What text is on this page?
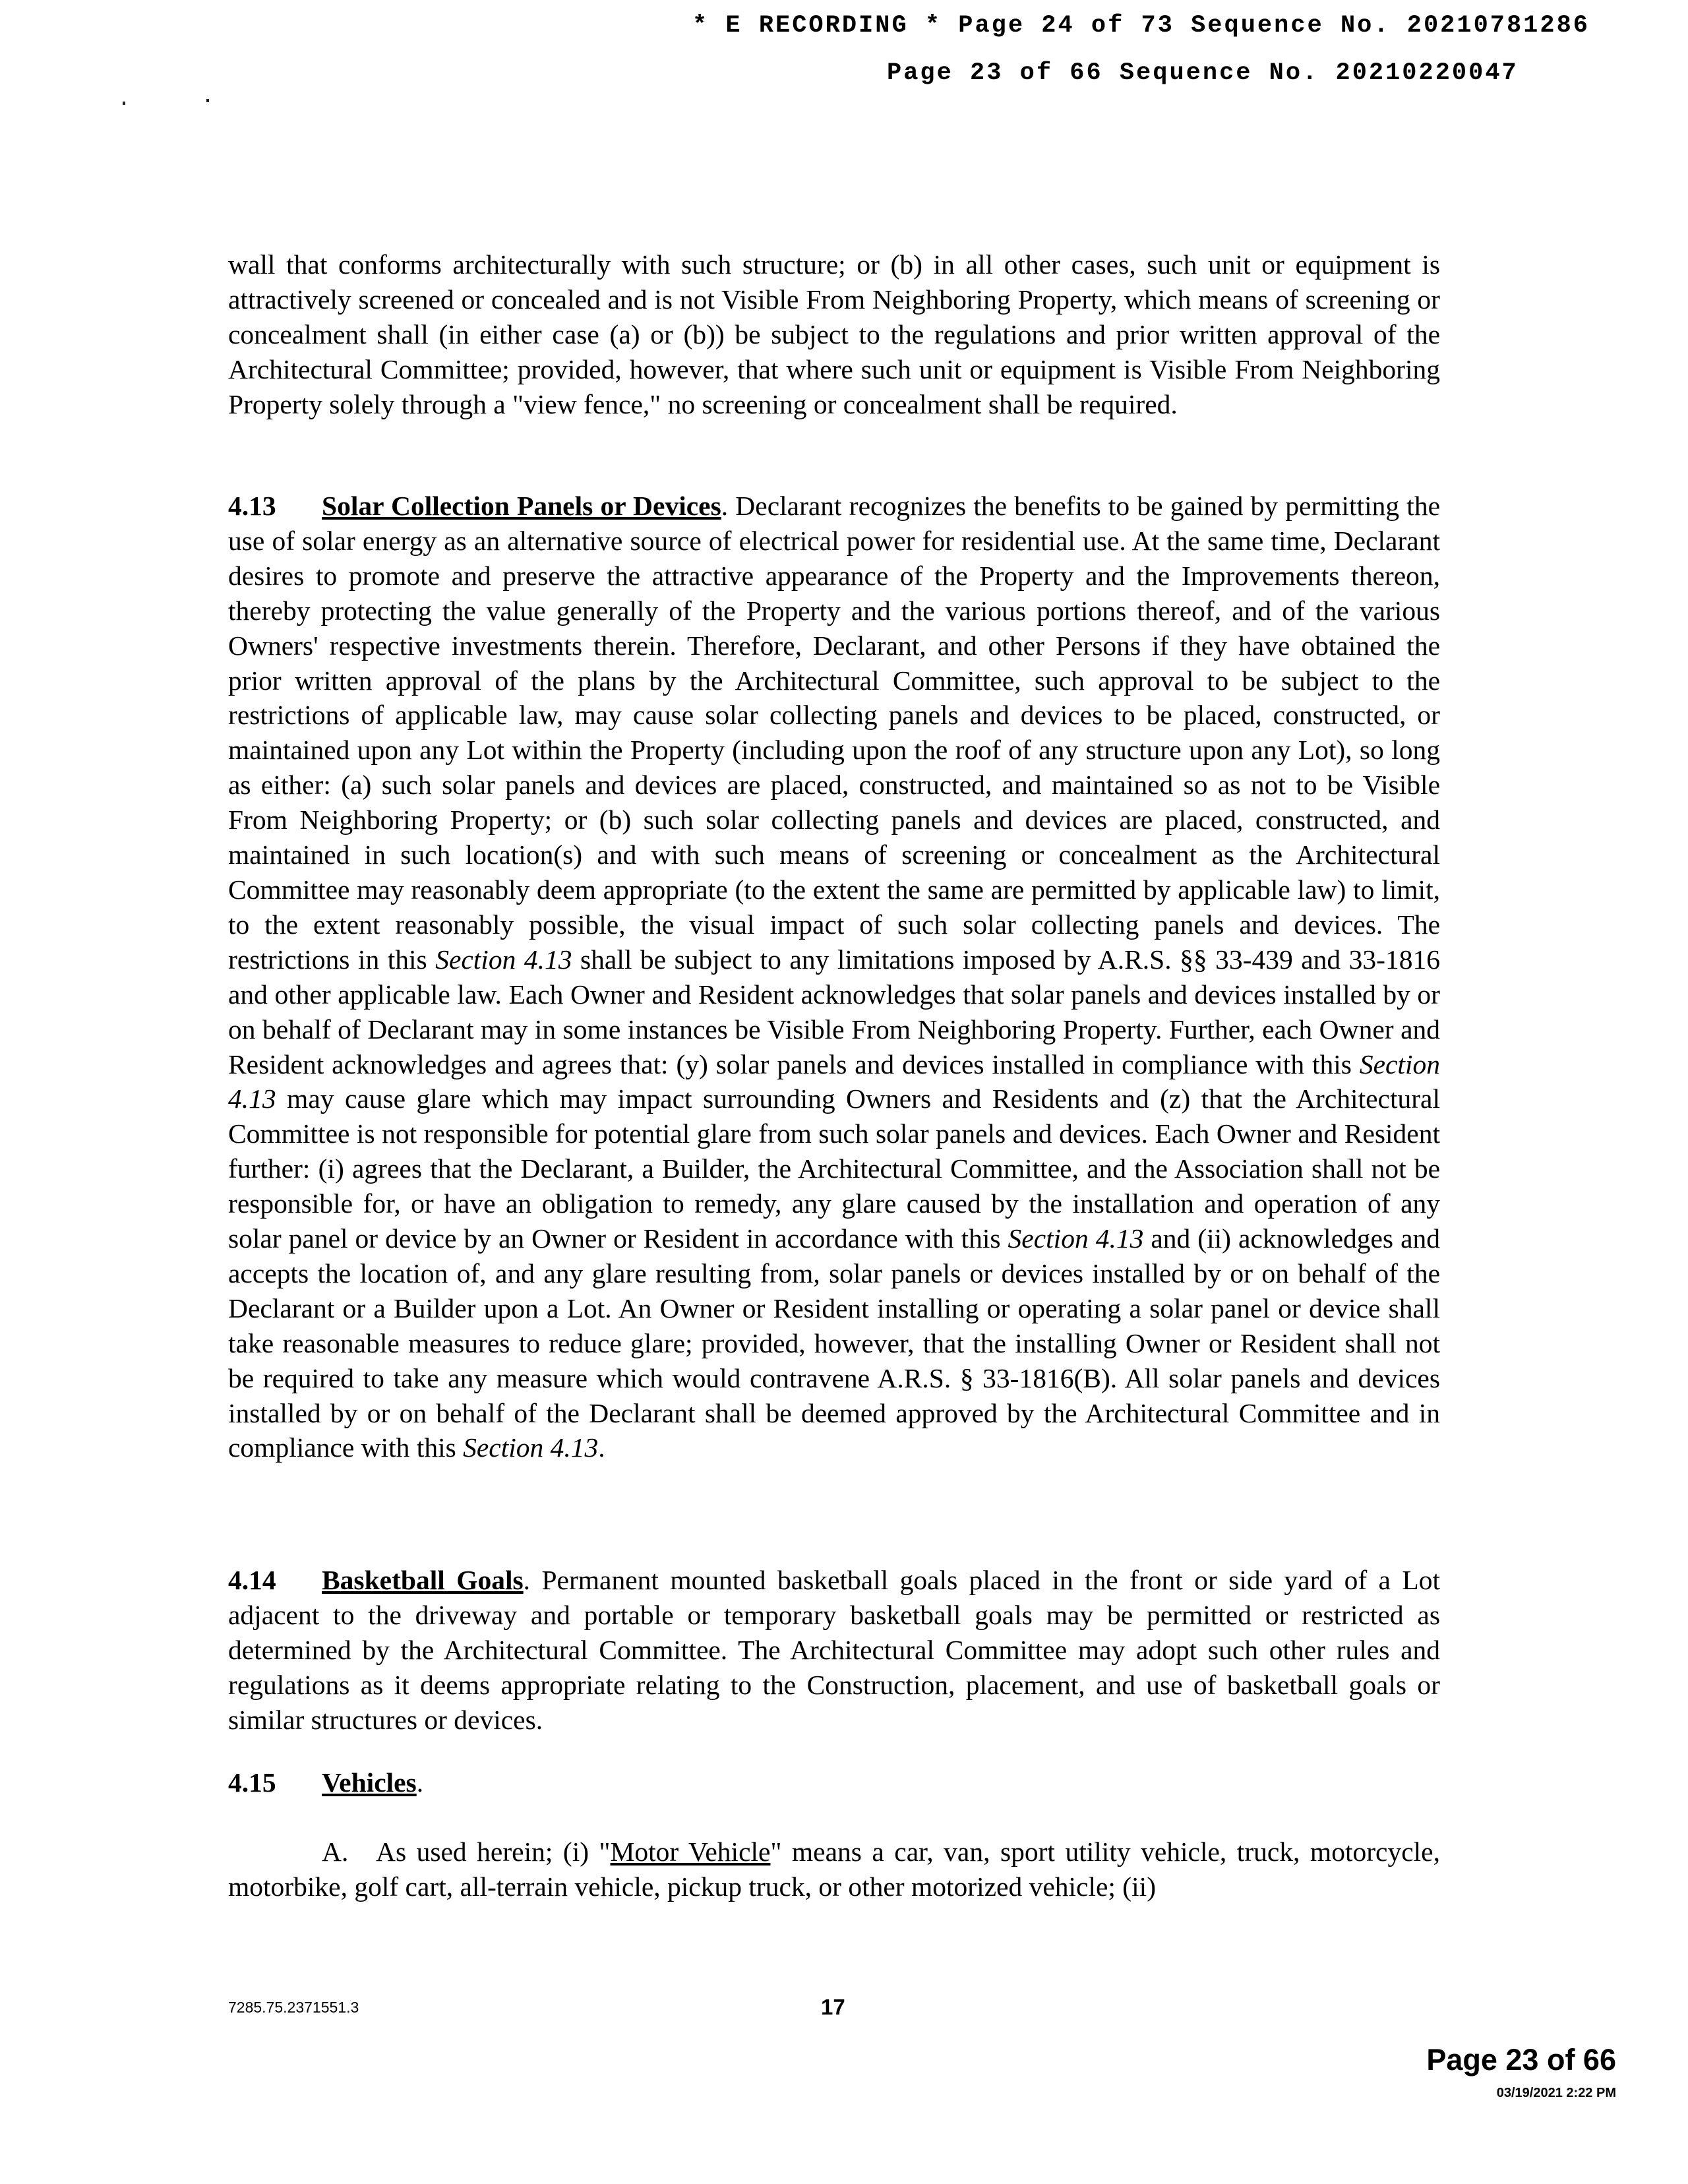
* E RECORDING * Page 24 of 73 Sequence No. 20210781286
Page 23 of 66 Sequence No. 20210220047
wall that conforms architecturally with such structure; or (b) in all other cases, such unit or equipment is attractively screened or concealed and is not Visible From Neighboring Property, which means of screening or concealment shall (in either case (a) or (b)) be subject to the regulations and prior written approval of the Architectural Committee; provided, however, that where such unit or equipment is Visible From Neighboring Property solely through a "view fence," no screening or concealment shall be required.
4.13 Solar Collection Panels or Devices. Declarant recognizes the benefits to be gained by permitting the use of solar energy as an alternative source of electrical power for residential use. At the same time, Declarant desires to promote and preserve the attractive appearance of the Property and the Improvements thereon, thereby protecting the value generally of the Property and the various portions thereof, and of the various Owners' respective investments therein. Therefore, Declarant, and other Persons if they have obtained the prior written approval of the plans by the Architectural Committee, such approval to be subject to the restrictions of applicable law, may cause solar collecting panels and devices to be placed, constructed, or maintained upon any Lot within the Property (including upon the roof of any structure upon any Lot), so long as either: (a) such solar panels and devices are placed, constructed, and maintained so as not to be Visible From Neighboring Property; or (b) such solar collecting panels and devices are placed, constructed, and maintained in such location(s) and with such means of screening or concealment as the Architectural Committee may reasonably deem appropriate (to the extent the same are permitted by applicable law) to limit, to the extent reasonably possible, the visual impact of such solar collecting panels and devices. The restrictions in this Section 4.13 shall be subject to any limitations imposed by A.R.S. §§ 33-439 and 33-1816 and other applicable law. Each Owner and Resident acknowledges that solar panels and devices installed by or on behalf of Declarant may in some instances be Visible From Neighboring Property. Further, each Owner and Resident acknowledges and agrees that: (y) solar panels and devices installed in compliance with this Section 4.13 may cause glare which may impact surrounding Owners and Residents and (z) that the Architectural Committee is not responsible for potential glare from such solar panels and devices. Each Owner and Resident further: (i) agrees that the Declarant, a Builder, the Architectural Committee, and the Association shall not be responsible for, or have an obligation to remedy, any glare caused by the installation and operation of any solar panel or device by an Owner or Resident in accordance with this Section 4.13 and (ii) acknowledges and accepts the location of, and any glare resulting from, solar panels or devices installed by or on behalf of the Declarant or a Builder upon a Lot. An Owner or Resident installing or operating a solar panel or device shall take reasonable measures to reduce glare; provided, however, that the installing Owner or Resident shall not be required to take any measure which would contravene A.R.S. § 33-1816(B). All solar panels and devices installed by or on behalf of the Declarant shall be deemed approved by the Architectural Committee and in compliance with this Section 4.13.
4.14 Basketball Goals. Permanent mounted basketball goals placed in the front or side yard of a Lot adjacent to the driveway and portable or temporary basketball goals may be permitted or restricted as determined by the Architectural Committee. The Architectural Committee may adopt such other rules and regulations as it deems appropriate relating to the Construction, placement, and use of basketball goals or similar structures or devices.
4.15 Vehicles.
A. As used herein; (i) "Motor Vehicle" means a car, van, sport utility vehicle, truck, motorcycle, motorbike, golf cart, all-terrain vehicle, pickup truck, or other motorized vehicle; (ii)
7285.75.2371551.3	17
Page 23 of 66
03/19/2021 2:22 PM
